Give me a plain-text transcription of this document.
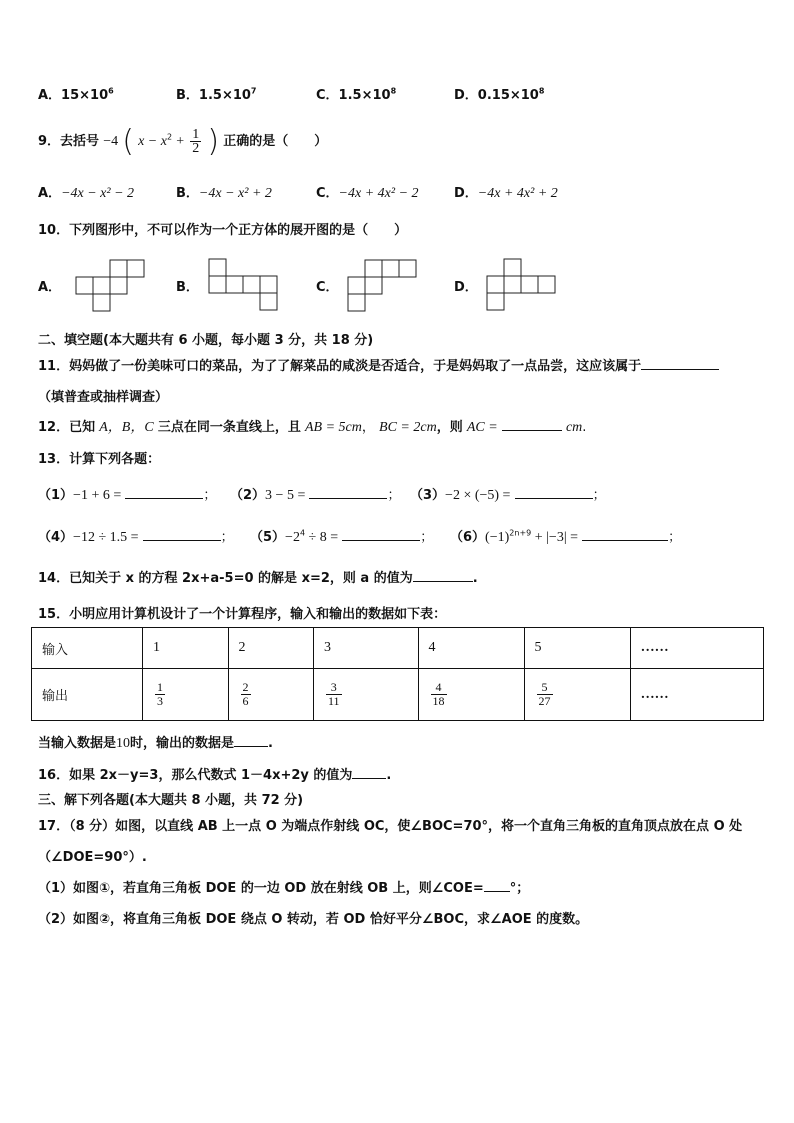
A．$15\times 10^6$	B．$1.5\times 10^7$	C．$1.5\times 10^8$	D．$0.15\times 10^8$
9．去括号 −4 ( $x - x^2 + \frac{1}{2}$ ) 正确的是（　　）
A．−4x − x² − 2	B．−4x − x² + 2	C．−4x + 4x² − 2	D．−4x + 4x² + 2
10．下列图形中，不可以作为一个正方体的展开图的是（　　）
A．	B．	C．	D．
二、填空题(本大题共有 6 小题，每小题 3 分，共 18 分)
11．妈妈做了一份美味可口的菜品，为了了解菜品的咸淡是否适合，于是妈妈取了一点品尝，这应该属于
（填普查或抽样调查）
12．已知 A，B，C 三点在同一条直线上，且 AB = 5cm， BC = 2cm，则 AC =	cm.
13．计算下列各题：
（1）−1 + 6 =	； （2）3 − 5 =	； （3）−2 × (−5) =	；
（4）−12 ÷ 1.5 =	； $(5)-2^4 \div 8$ =	； $(6)(-1)^{2n+9} + |-3|$ =	；
14．已知关于 x 的方程 2x+a-5=0 的解是 x=2，则 a 的值为	.
15．小明应用计算机设计了一个计算程序，输入和输出的数据如下表：
输入	1	2	3	4	5	……
输出	$\frac{1}{3}$	$\frac{2}{6}$	$\frac{3}{11}$	$\frac{4}{18}$	$\frac{5}{27}$	……
当输入数据是10时，输出的数据是	.
16．如果 2x－y=3，那么代数式 1－4x+2y 的值为	.
三、解下列各题(本大题共 8 小题，共 72 分)
17．（8 分）如图，以直线 AB 上一点 O 为端点作射线 OC，使∠BOC=70°，将一个直角三角板的直角顶点放在点 O 处
（∠DOE=90°）.
（1）如图①，若直角三角板 DOE 的一边 OD 放在射线 OB 上，则∠COE= °；
（2）如图②，将直角三角板 DOE 绕点 O 转动，若 OD 恰好平分∠BOC，求∠AOE 的度数。
